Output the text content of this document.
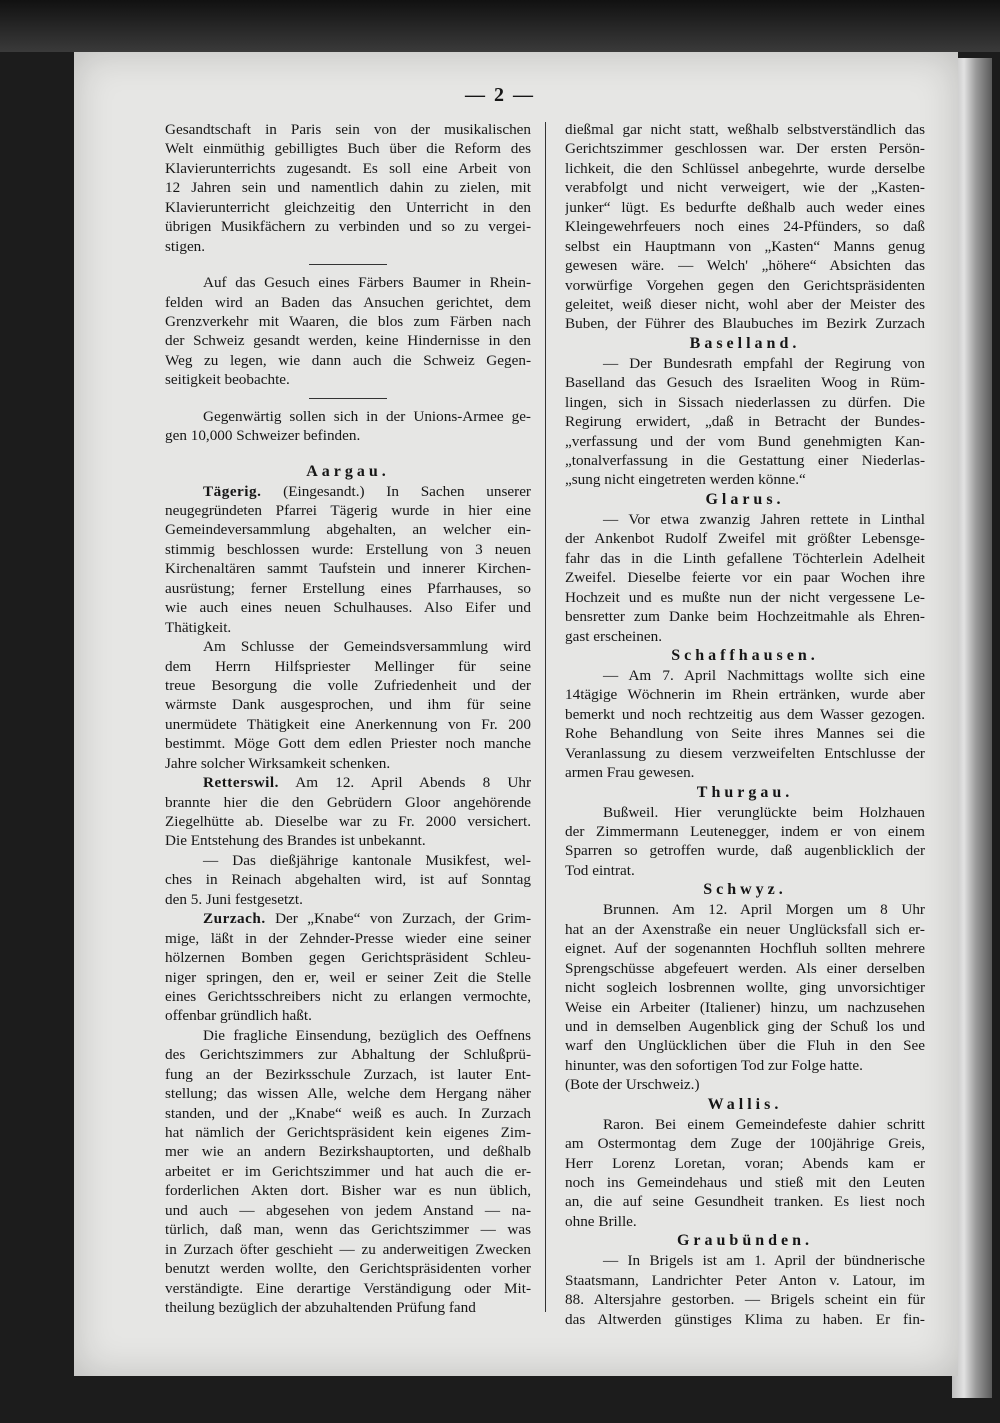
— 2 —
Gesandtschaft in Paris sein von der musikalischen
Welt einmüthig gebilligtes Buch über die Reform des
Klavierunterrichts zugesandt. Es soll eine Arbeit von
12 Jahren sein und namentlich dahin zu zielen, mit
Klavierunterricht gleichzeitig den Unterricht in den
übrigen Musikfächern zu verbinden und so zu vergei-
stigen.
Auf das Gesuch eines Färbers Baumer in Rhein-
felden wird an Baden das Ansuchen gerichtet, dem
Grenzverkehr mit Waaren, die blos zum Färben nach
der Schweiz gesandt werden, keine Hindernisse in den
Weg zu legen, wie dann auch die Schweiz Gegen-
seitigkeit beobachte.
Gegenwärtig sollen sich in der Unions-Armee ge-
gen 10,000 Schweizer befinden.
Aargau.
Tägerig. (Eingesandt.) In Sachen unserer
neugegründeten Pfarrei Tägerig wurde in hier eine
Gemeindeversammlung abgehalten, an welcher ein-
stimmig beschlossen wurde: Erstellung von 3 neuen
Kirchenaltären sammt Taufstein und innerer Kirchen-
ausrüstung; ferner Erstellung eines Pfarrhauses, so
wie auch eines neuen Schulhauses. Also Eifer und
Thätigkeit.
Am Schlusse der Gemeindsversammlung wird
dem Herrn Hilfspriester Mellinger für seine
treue Besorgung die volle Zufriedenheit und der
wärmste Dank ausgesprochen, und ihm für seine
unermüdete Thätigkeit eine Anerkennung von Fr. 200
bestimmt. Möge Gott dem edlen Priester noch manche
Jahre solcher Wirksamkeit schenken.
Retterswil. Am 12. April Abends 8 Uhr
brannte hier die den Gebrüdern Gloor angehörende
Ziegelhütte ab. Dieselbe war zu Fr. 2000 versichert.
Die Entstehung des Brandes ist unbekannt.
— Das dießjährige kantonale Musikfest, wel-
ches in Reinach abgehalten wird, ist auf Sonntag
den 5. Juni festgesetzt.
Zurzach. Der „Knabe“ von Zurzach, der Grim-
mige, läßt in der Zehnder-Presse wieder eine seiner
hölzernen Bomben gegen Gerichtspräsident Schleu-
niger springen, den er, weil er seiner Zeit die Stelle
eines Gerichtsschreibers nicht zu erlangen vermochte,
offenbar gründlich haßt.
Die fragliche Einsendung, bezüglich des Oeffnens
des Gerichtszimmers zur Abhaltung der Schlußprü-
fung an der Bezirksschule Zurzach, ist lauter Ent-
stellung; das wissen Alle, welche dem Hergang näher
standen, und der „Knabe“ weiß es auch. In Zurzach
hat nämlich der Gerichtspräsident kein eigenes Zim-
mer wie an andern Bezirkshauptorten, und deßhalb
arbeitet er im Gerichtszimmer und hat auch die er-
forderlichen Akten dort. Bisher war es nun üblich,
und auch — abgesehen von jedem Anstand — na-
türlich, daß man, wenn das Gerichtszimmer — was
in Zurzach öfter geschieht — zu anderweitigen Zwecken
benutzt werden wollte, den Gerichtspräsidenten vorher
verständigte. Eine derartige Verständigung oder Mit-
theilung bezüglich der abzuhaltenden Prüfung fand
dießmal gar nicht statt, weßhalb selbstverständlich das
Gerichtszimmer geschlossen war. Der ersten Persön-
lichkeit, die den Schlüssel anbegehrte, wurde derselbe
verabfolgt und nicht verweigert, wie der „Kasten-
junker“ lügt. Es bedurfte deßhalb auch weder eines
Kleingewehrfeuers noch eines 24-Pfünders, so daß
selbst ein Hauptmann von „Kasten“ Manns genug
gewesen wäre. — Welch' „höhere“ Absichten das
vorwürfige Vorgehen gegen den Gerichtspräsidenten
geleitet, weiß dieser nicht, wohl aber der Meister des
Buben, der Führer des Blaubuches im Bezirk Zurzach
Baselland.
— Der Bundesrath empfahl der Regirung von
Baselland das Gesuch des Israeliten Woog in Rüm-
lingen, sich in Sissach niederlassen zu dürfen. Die
Regirung erwidert, „daß in Betracht der Bundes-
„verfassung und der vom Bund genehmigten Kan-
„tonalverfassung in die Gestattung einer Niederlas-
„sung nicht eingetreten werden könne.“
Glarus.
— Vor etwa zwanzig Jahren rettete in Linthal
der Ankenbot Rudolf Zweifel mit größter Lebensge-
fahr das in die Linth gefallene Töchterlein Adelheit
Zweifel. Dieselbe feierte vor ein paar Wochen ihre
Hochzeit und es mußte nun der nicht vergessene Le-
bensretter zum Danke beim Hochzeitmahle als Ehren-
gast erscheinen.
Schaffhausen.
— Am 7. April Nachmittags wollte sich eine
14tägige Wöchnerin im Rhein ertränken, wurde aber
bemerkt und noch rechtzeitig aus dem Wasser gezogen.
Rohe Behandlung von Seite ihres Mannes sei die
Veranlassung zu diesem verzweifelten Entschlusse der
armen Frau gewesen.
Thurgau.
Bußweil. Hier verunglückte beim Holzhauen
der Zimmermann Leutenegger, indem er von einem
Sparren so getroffen wurde, daß augenblicklich der
Tod eintrat.
Schwyz.
Brunnen. Am 12. April Morgen um 8 Uhr
hat an der Axenstraße ein neuer Unglücksfall sich er-
eignet. Auf der sogenannten Hochfluh sollten mehrere
Sprengschüsse abgefeuert werden. Als einer derselben
nicht sogleich losbrennen wollte, ging unvorsichtiger
Weise ein Arbeiter (Italiener) hinzu, um nachzusehen
und in demselben Augenblick ging der Schuß los und
warf den Unglücklichen über die Fluh in den See
hinunter, was den sofortigen Tod zur Folge hatte.
(Bote der Urschweiz.)
Wallis.
Raron. Bei einem Gemeindefeste dahier schritt
am Ostermontag dem Zuge der 100jährige Greis,
Herr Lorenz Loretan, voran; Abends kam er
noch ins Gemeindehaus und stieß mit den Leuten
an, die auf seine Gesundheit tranken. Es liest noch
ohne Brille.
Graubünden.
— In Brigels ist am 1. April der bündnerische
Staatsmann, Landrichter Peter Anton v. Latour, im
88. Altersjahre gestorben. — Brigels scheint ein für
das Altwerden günstiges Klima zu haben. Er fin-
